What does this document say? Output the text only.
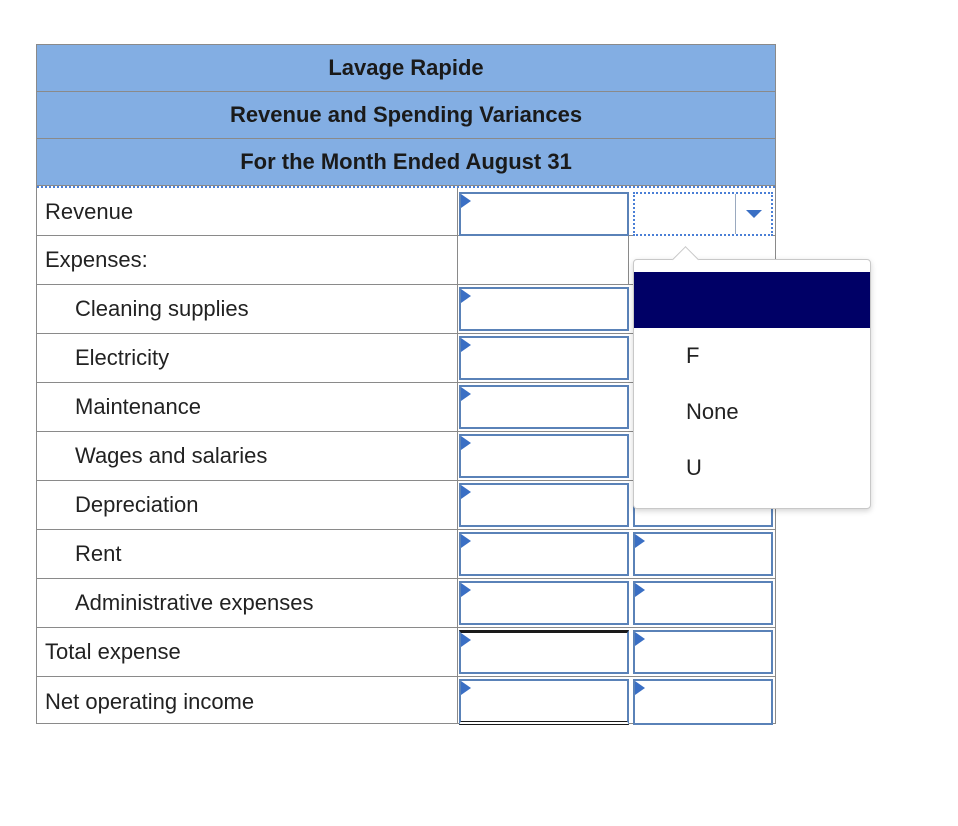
Lavage Rapide
Revenue and Spending Variances
For the Month Ended August 31
Revenue
Expenses:
Cleaning supplies
Electricity
Maintenance
Wages and salaries
Depreciation
Rent
Administrative expenses
Total expense
Net operating income
F
None
U
